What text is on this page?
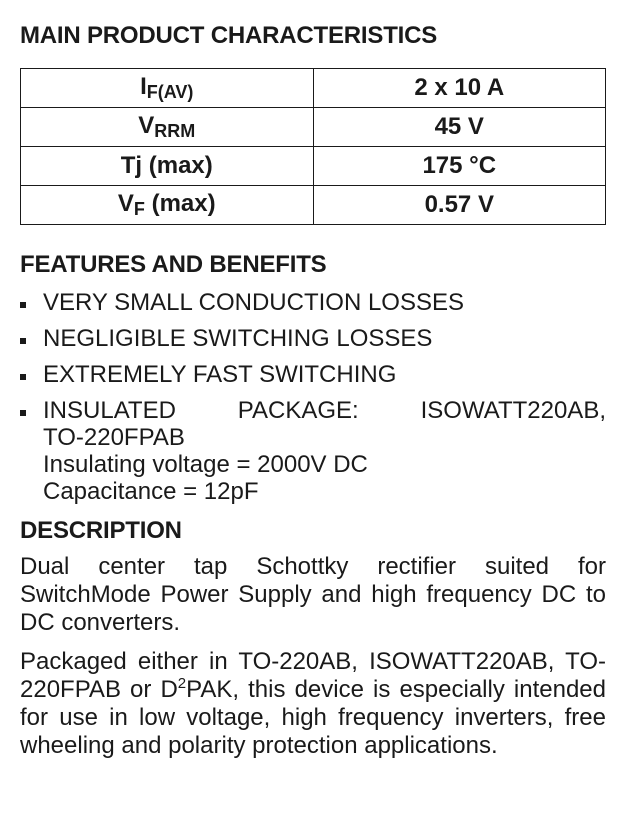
MAIN PRODUCT CHARACTERISTICS
$I_{F(AV)}$	2 x 10 A
$V_{RRM}$	45 V
Tj (max)	175 °C
$V_F$ (max)	0.57 V
FEATURES AND BENEFITS
VERY SMALL CONDUCTION LOSSES
NEGLIGIBLE SWITCHING LOSSES
EXTREMELY FAST SWITCHING
INSULATED PACKAGE: ISOWATT220AB,
TO-220FPAB
Insulating voltage = 2000V DC
Capacitance = 12pF
DESCRIPTION

Dual center tap Schottky rectifier suited for SwitchMode Power Supply and high frequency DC to DC converters.

Packaged either in TO-220AB, ISOWATT220AB, TO-220FPAB or $D^2PAK$, this device is especially intended for use in low voltage, high frequency inverters, free wheeling and polarity protection applications.
